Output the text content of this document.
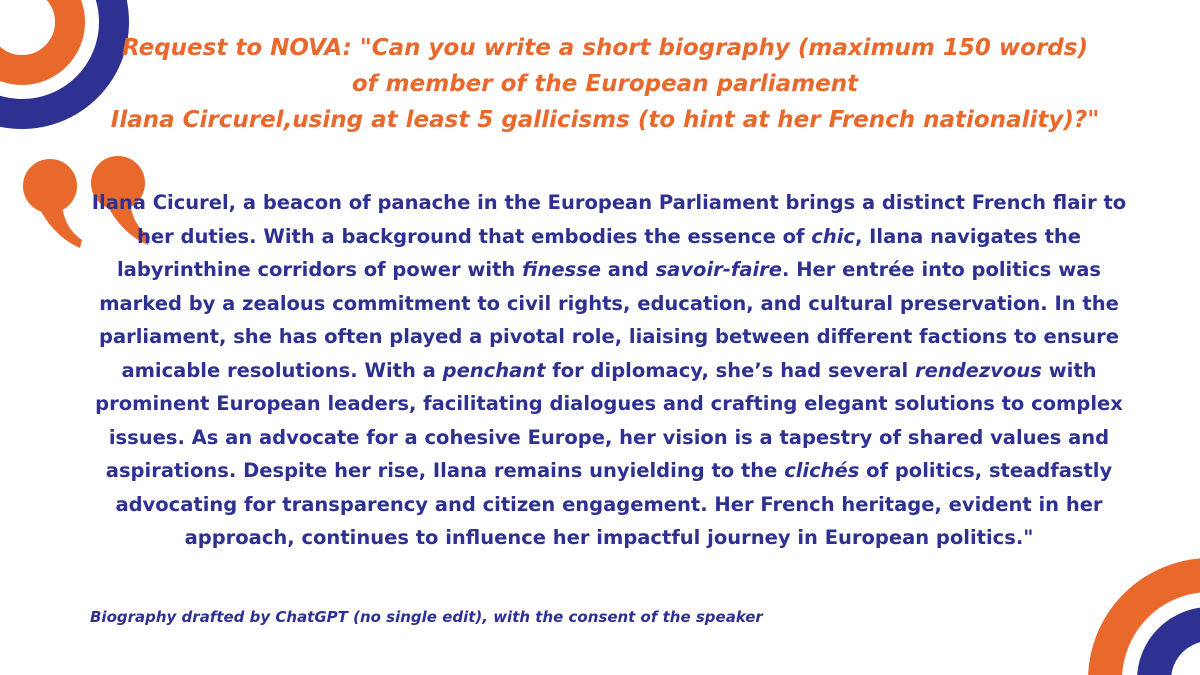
Request to NOVA: "Can you write a short biography (maximum 150 words)
of member of the European parliament
Ilana Circurel,using at least 5 gallicisms (to hint at her French nationality)?"
Ilana Cicurel, a beacon of panache in the European Parliament brings a distinct French flair to her duties. With a background that embodies the essence of chic, Ilana navigates the labyrinthine corridors of power with finesse and savoir-faire. Her entrée into politics was marked by a zealous commitment to civil rights, education, and cultural preservation. In the parliament, she has often played a pivotal role, liaising between different factions to ensure amicable resolutions. With a penchant for diplomacy, she’s had several rendezvous with prominent European leaders, facilitating dialogues and crafting elegant solutions to complex issues. As an advocate for a cohesive Europe, her vision is a tapestry of shared values and aspirations. Despite her rise, Ilana remains unyielding to the clichés of politics, steadfastly advocating for transparency and citizen engagement. Her French heritage, evident in her approach, continues to influence her impactful journey in European politics."
Biography drafted by ChatGPT (no single edit), with the consent of the speaker
